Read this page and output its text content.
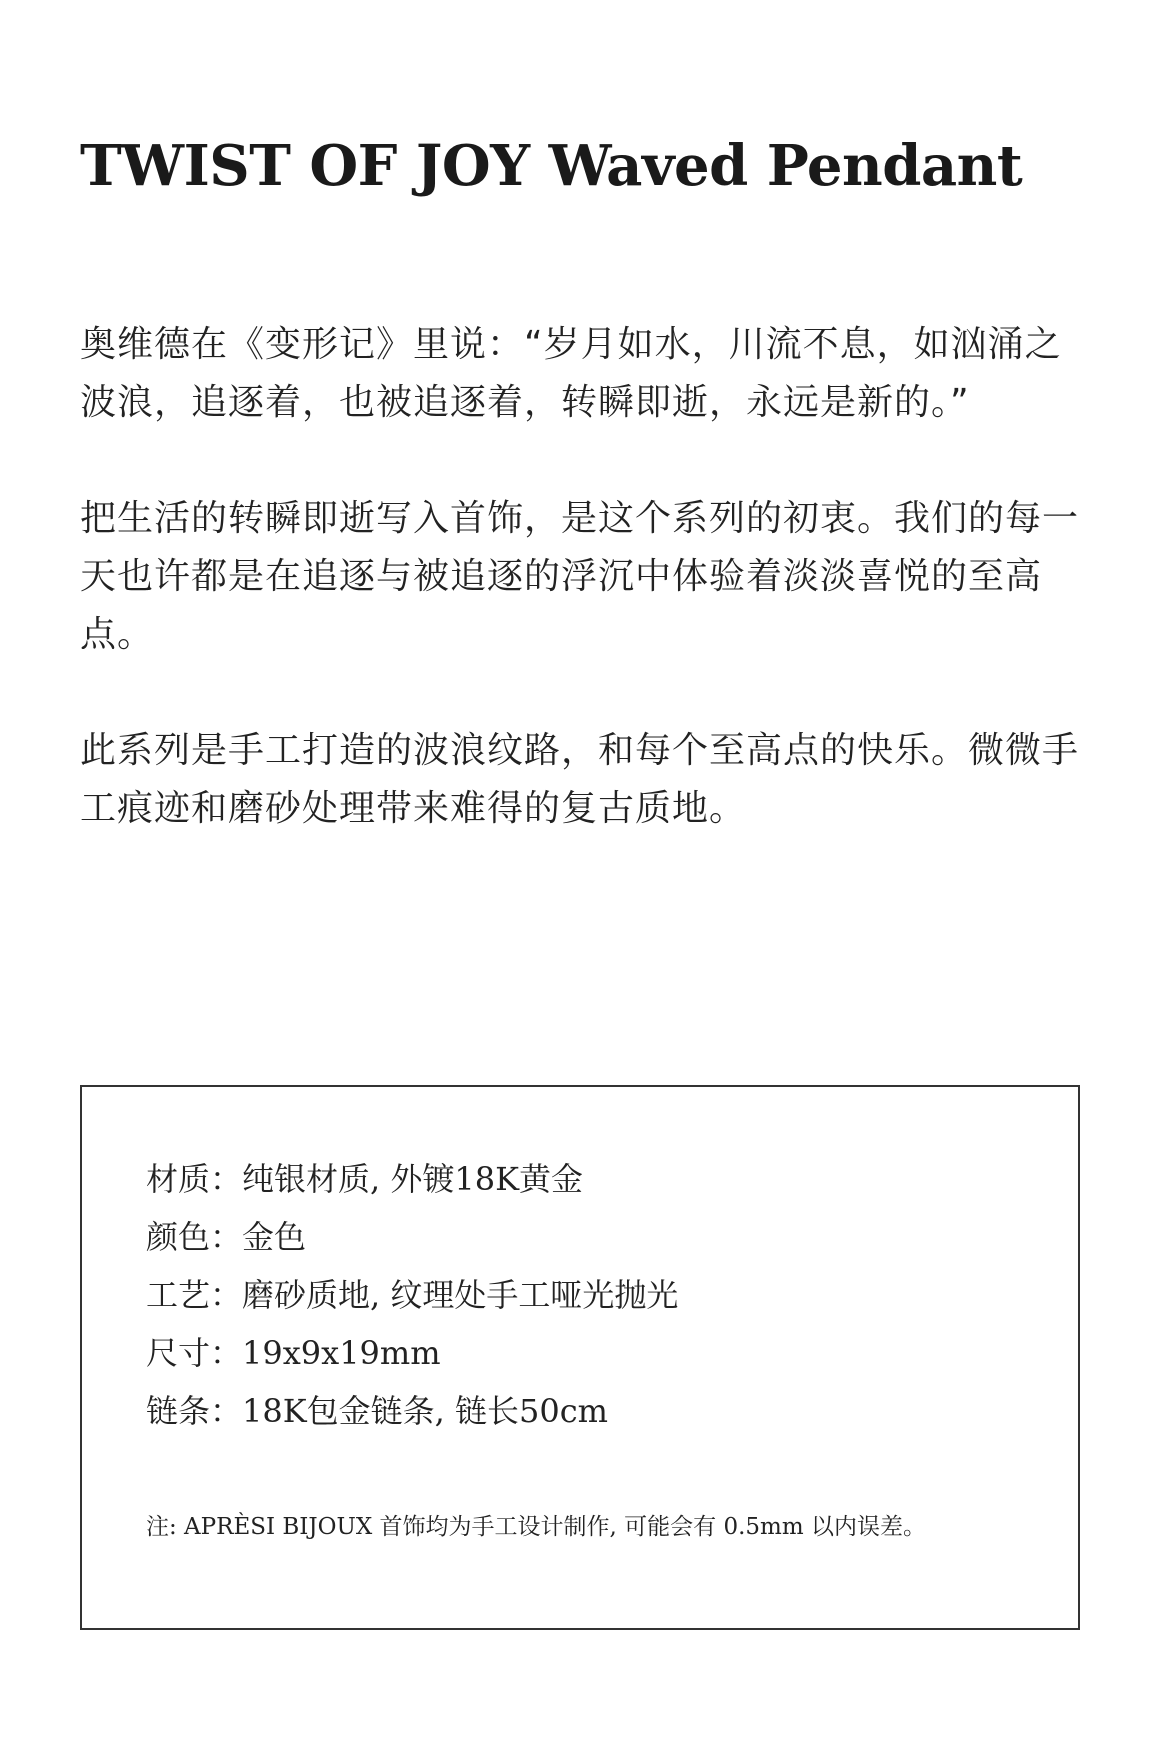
TWIST OF JOY Waved Pendant

奥维德在《变形记》里说：“岁月如水，川流不息，如汹涌之波浪，追逐着，也被追逐着，转瞬即逝，永远是新的。”

把生活的转瞬即逝写入首饰，是这个系列的初衷。我们的每一天也许都是在追逐与被追逐的浮沉中体验着淡淡喜悦的至高点。

此系列是手工打造的波浪纹路，和每个至高点的快乐。微微手工痕迹和磨砂处理带来难得的复古质地。

材质：纯银材质, 外镀18K黄金
颜色：金色
工艺：磨砂质地, 纹理处手工哑光抛光
尺寸：19x9x19mm
链条：18K包金链条, 链长50cm

注: APRÈSI BIJOUX 首饰均为手工设计制作, 可能会有 0.5mm 以内误差。
